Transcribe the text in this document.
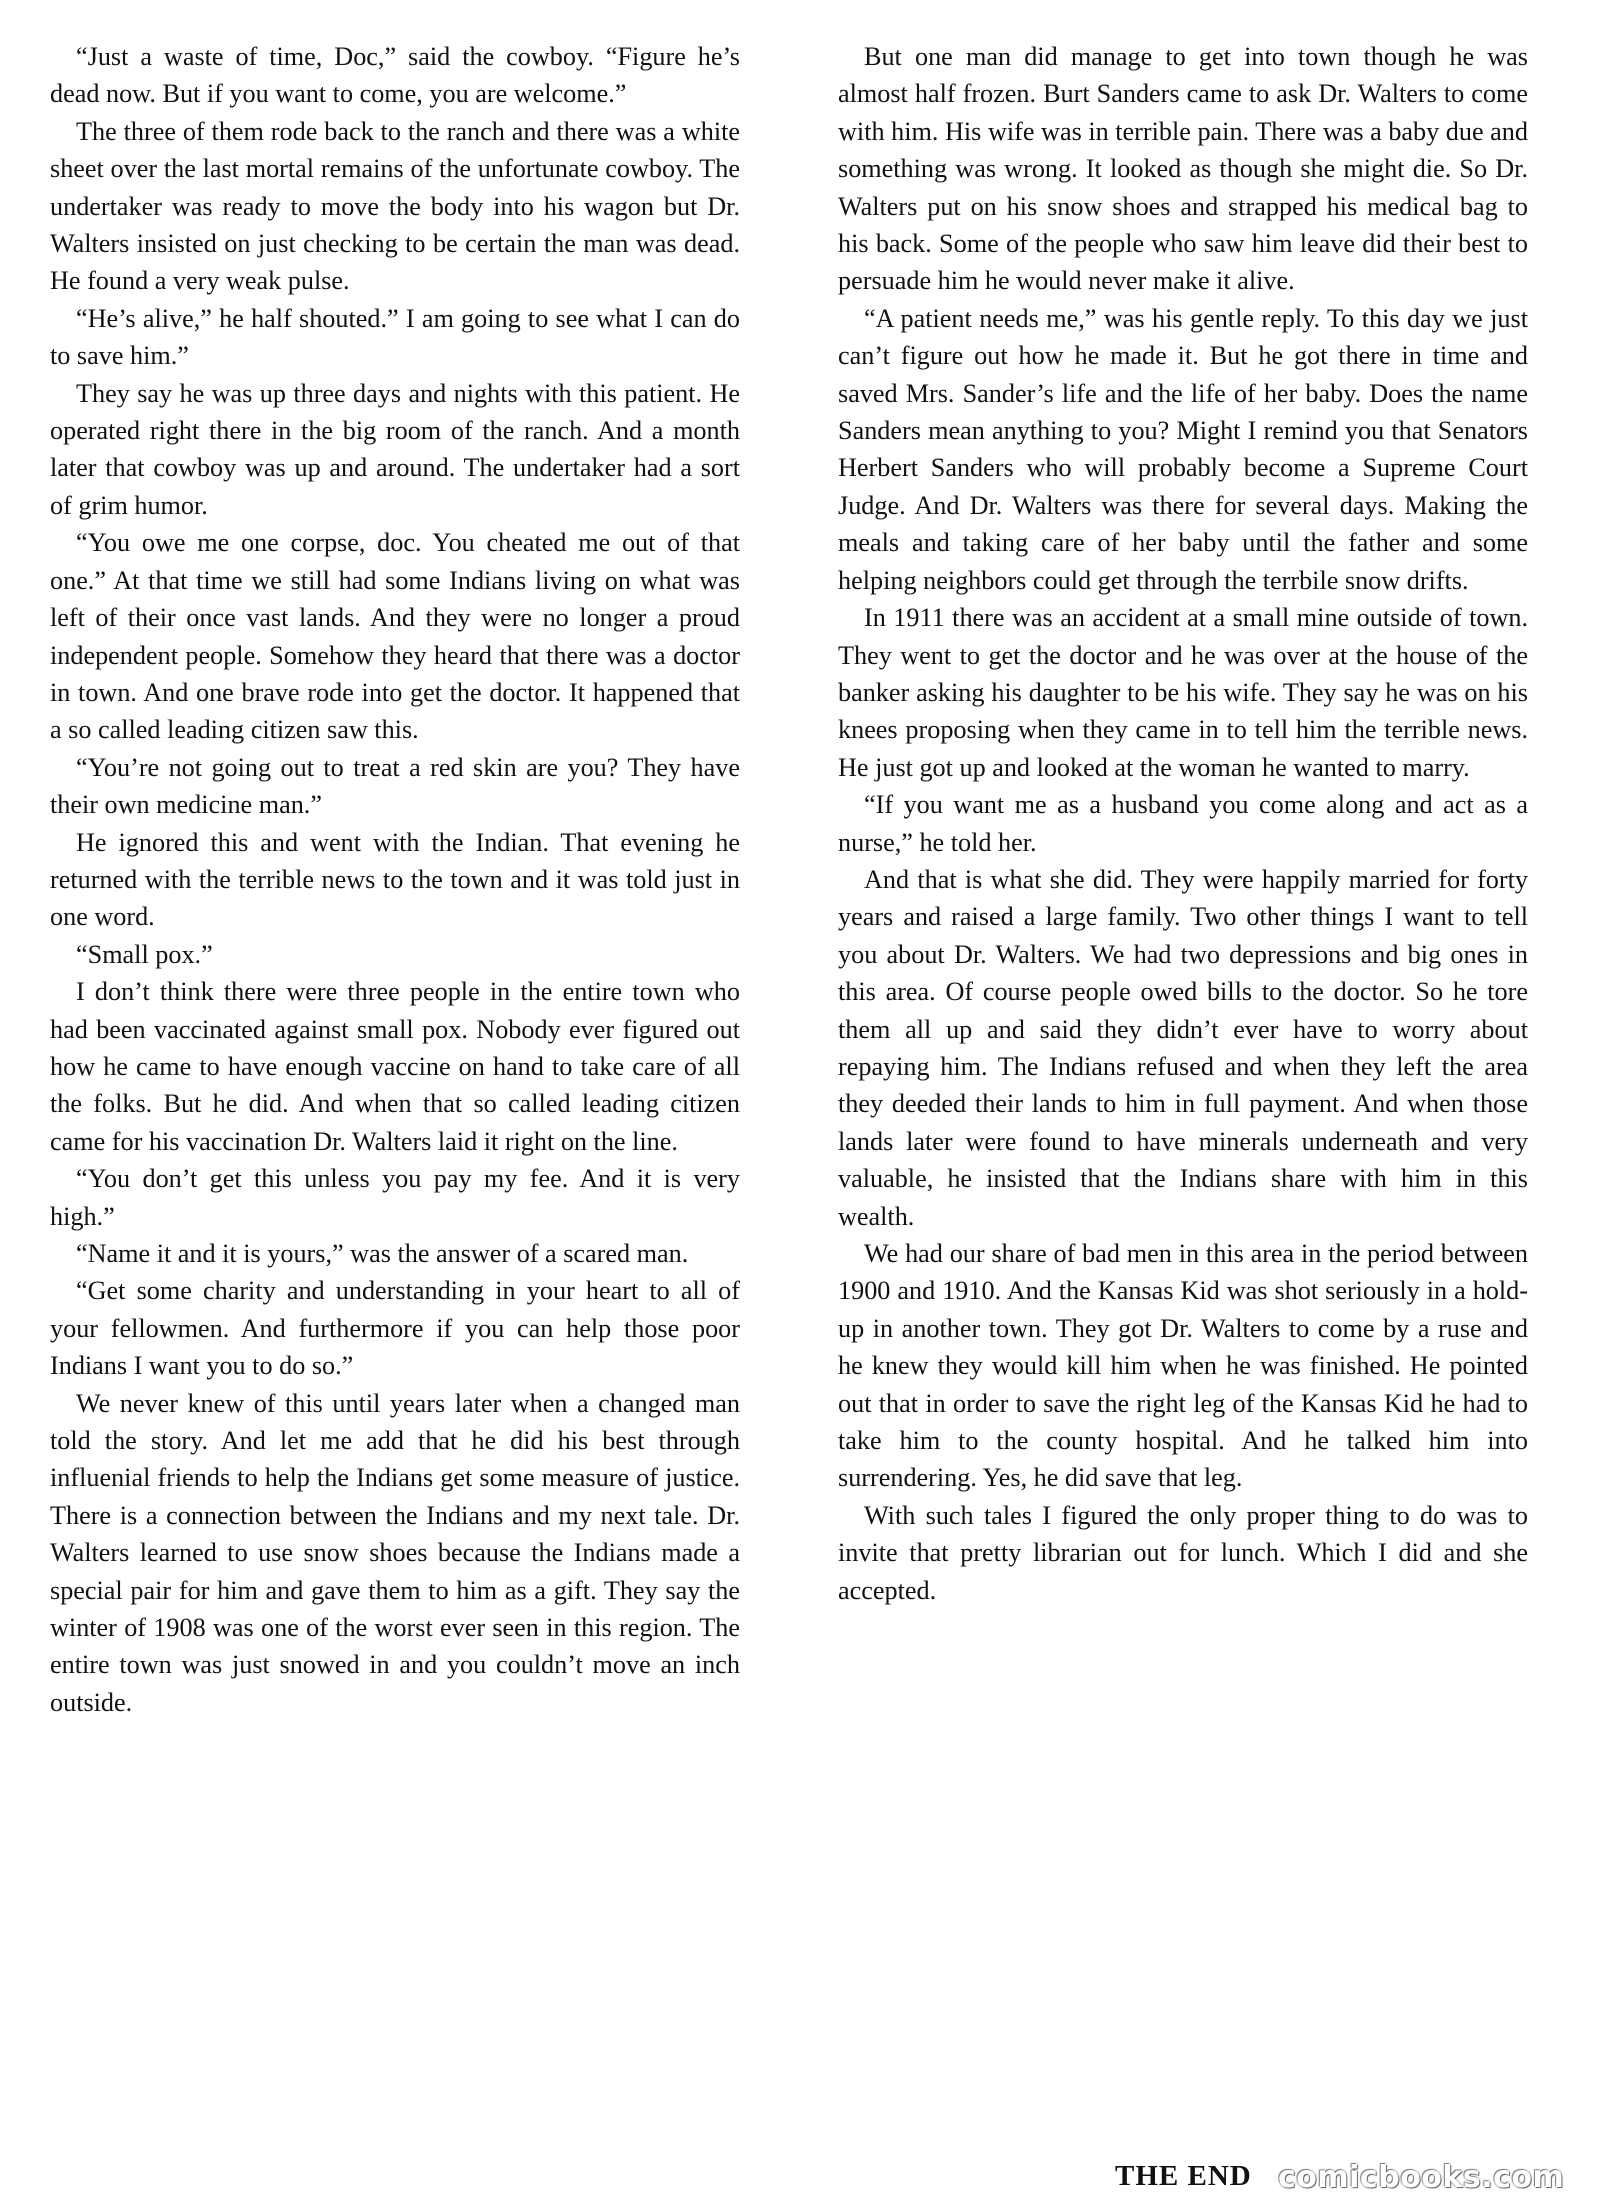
“Just a waste of time, Doc,” said the cowboy. “Figure he’s dead now. But if you want to come, you are welcome.”

The three of them rode back to the ranch and there was a white sheet over the last mortal remains of the unfortunate cowboy. The undertaker was ready to move the body into his wagon but Dr. Walters insisted on just checking to be certain the man was dead. He found a very weak pulse.

“He’s alive,” he half shouted.” I am going to see what I can do to save him.”

They say he was up three days and nights with this patient. He operated right there in the big room of the ranch. And a month later that cowboy was up and around. The undertaker had a sort of grim humor.

“You owe me one corpse, doc. You cheated me out of that one.” At that time we still had some Indians living on what was left of their once vast lands. And they were no longer a proud independent people. Somehow they heard that there was a doctor in town. And one brave rode into get the doctor. It happened that a so called leading citizen saw this.

“You’re not going out to treat a red skin are you? They have their own medicine man.”

He ignored this and went with the Indian. That evening he returned with the terrible news to the town and it was told just in one word.

“Small pox.”

I don’t think there were three people in the entire town who had been vaccinated against small pox. Nobody ever figured out how he came to have enough vaccine on hand to take care of all the folks. But he did. And when that so called leading citizen came for his vaccination Dr. Walters laid it right on the line.

“You don’t get this unless you pay my fee. And it is very high.”

“Name it and it is yours,” was the answer of a scared man.

“Get some charity and understanding in your heart to all of your fellowmen. And furthermore if you can help those poor Indians I want you to do so.”

We never knew of this until years later when a changed man told the story. And let me add that he did his best through influenial friends to help the Indians get some measure of justice. There is a connection between the Indians and my next tale. Dr. Walters learned to use snow shoes because the Indians made a special pair for him and gave them to him as a gift. They say the winter of 1908 was one of the worst ever seen in this region. The entire town was just snowed in and you couldn’t move an inch outside.

But one man did manage to get into town though he was almost half frozen. Burt Sanders came to ask Dr. Walters to come with him. His wife was in terrible pain. There was a baby due and something was wrong. It looked as though she might die. So Dr. Walters put on his snow shoes and strapped his medical bag to his back. Some of the people who saw him leave did their best to persuade him he would never make it alive.

“A patient needs me,” was his gentle reply. To this day we just can’t figure out how he made it. But he got there in time and saved Mrs. Sander’s life and the life of her baby. Does the name Sanders mean anything to you? Might I remind you that Senators Herbert Sanders who will probably become a Supreme Court Judge. And Dr. Walters was there for several days. Making the meals and taking care of her baby until the father and some helping neighbors could get through the terrbile snow drifts.

In 1911 there was an accident at a small mine outside of town. They went to get the doctor and he was over at the house of the banker asking his daughter to be his wife. They say he was on his knees proposing when they came in to tell him the terrible news. He just got up and looked at the woman he wanted to marry.

“If you want me as a husband you come along and act as a nurse,” he told her.

And that is what she did. They were happily married for forty years and raised a large family. Two other things I want to tell you about Dr. Walters. We had two depressions and big ones in this area. Of course people owed bills to the doctor. So he tore them all up and said they didn’t ever have to worry about repaying him. The Indians refused and when they left the area they deeded their lands to him in full payment. And when those lands later were found to have minerals underneath and very valuable, he insisted that the Indians share with him in this wealth.

We had our share of bad men in this area in the period between 1900 and 1910. And the Kansas Kid was shot seriously in a hold-up in another town. They got Dr. Walters to come by a ruse and he knew they would kill him when he was finished. He pointed out that in order to save the right leg of the Kansas Kid he had to take him to the county hospital. And he talked him into surrendering. Yes, he did save that leg.

With such tales I figured the only proper thing to do was to invite that pretty librarian out for lunch. Which I did and she accepted.

THE END comicbooks.com
